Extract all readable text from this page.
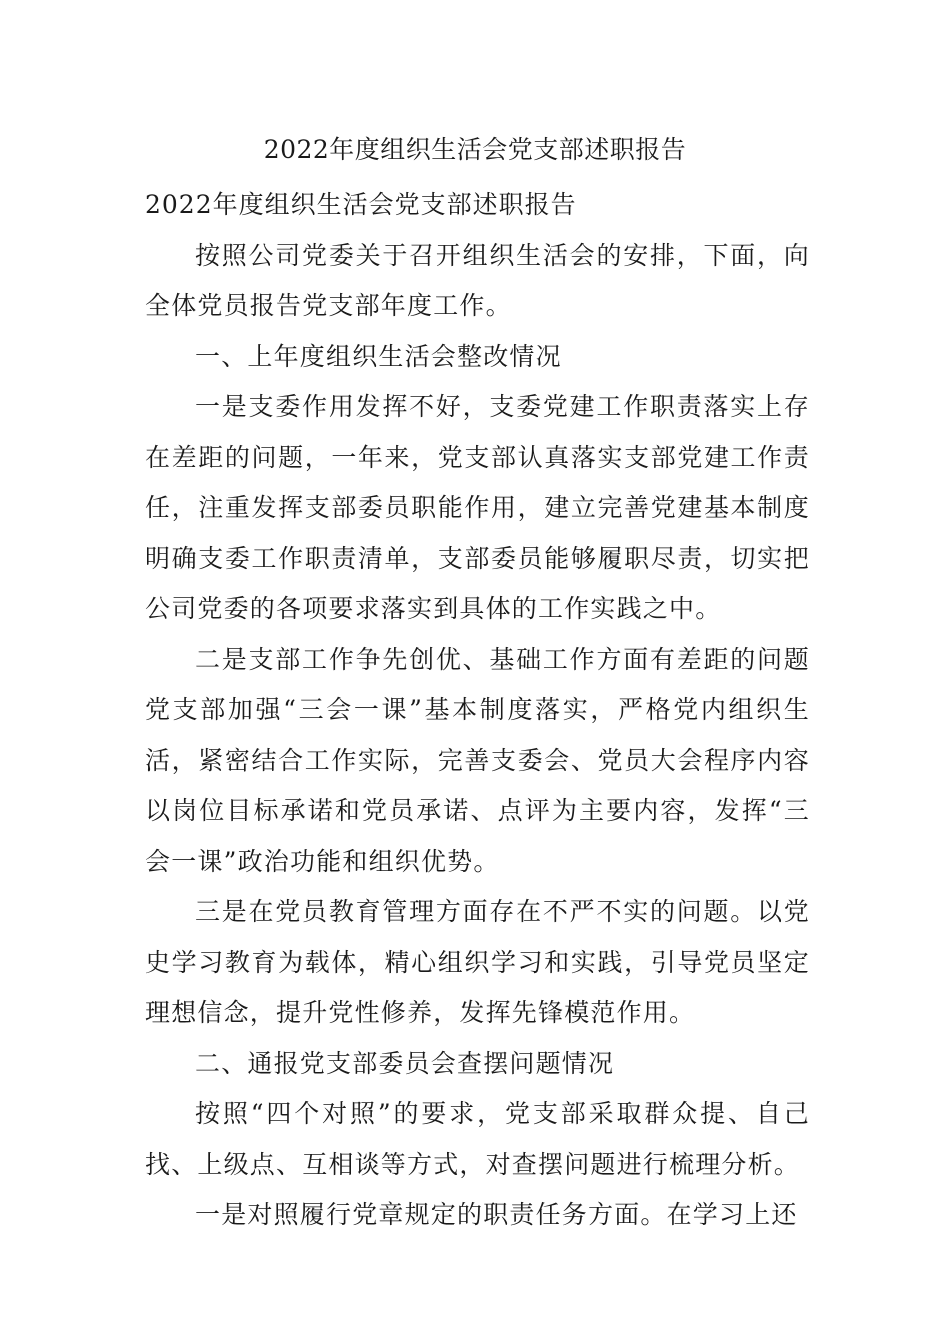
2022年度组织生活会党支部述职报告

2022年度组织生活会党支部述职报告

按照公司党委关于召开组织生活会的安排，下面，向全体党员报告党支部年度工作。

一、上年度组织生活会整改情况

一是支委作用发挥不好，支委党建工作职责落实上存在差距的问题，一年来，党支部认真落实支部党建工作责任，注重发挥支部委员职能作用，建立完善党建基本制度明确支委工作职责清单，支部委员能够履职尽责，切实把公司党委的各项要求落实到具体的工作实践之中。

二是支部工作争先创优、基础工作方面有差距的问题党支部加强“三会一课”基本制度落实，严格党内组织生活，紧密结合工作实际，完善支委会、党员大会程序内容以岗位目标承诺和党员承诺、点评为主要内容，发挥“三会一课”政治功能和组织优势。

三是在党员教育管理方面存在不严不实的问题。以党史学习教育为载体，精心组织学习和实践，引导党员坚定理想信念，提升党性修养，发挥先锋模范作用。

二、通报党支部委员会查摆问题情况

按照“四个对照”的要求，党支部采取群众提、自己找、上级点、互相谈等方式，对查摆问题进行梳理分析。

一是对照履行党章规定的职责任务方面。在学习上还
